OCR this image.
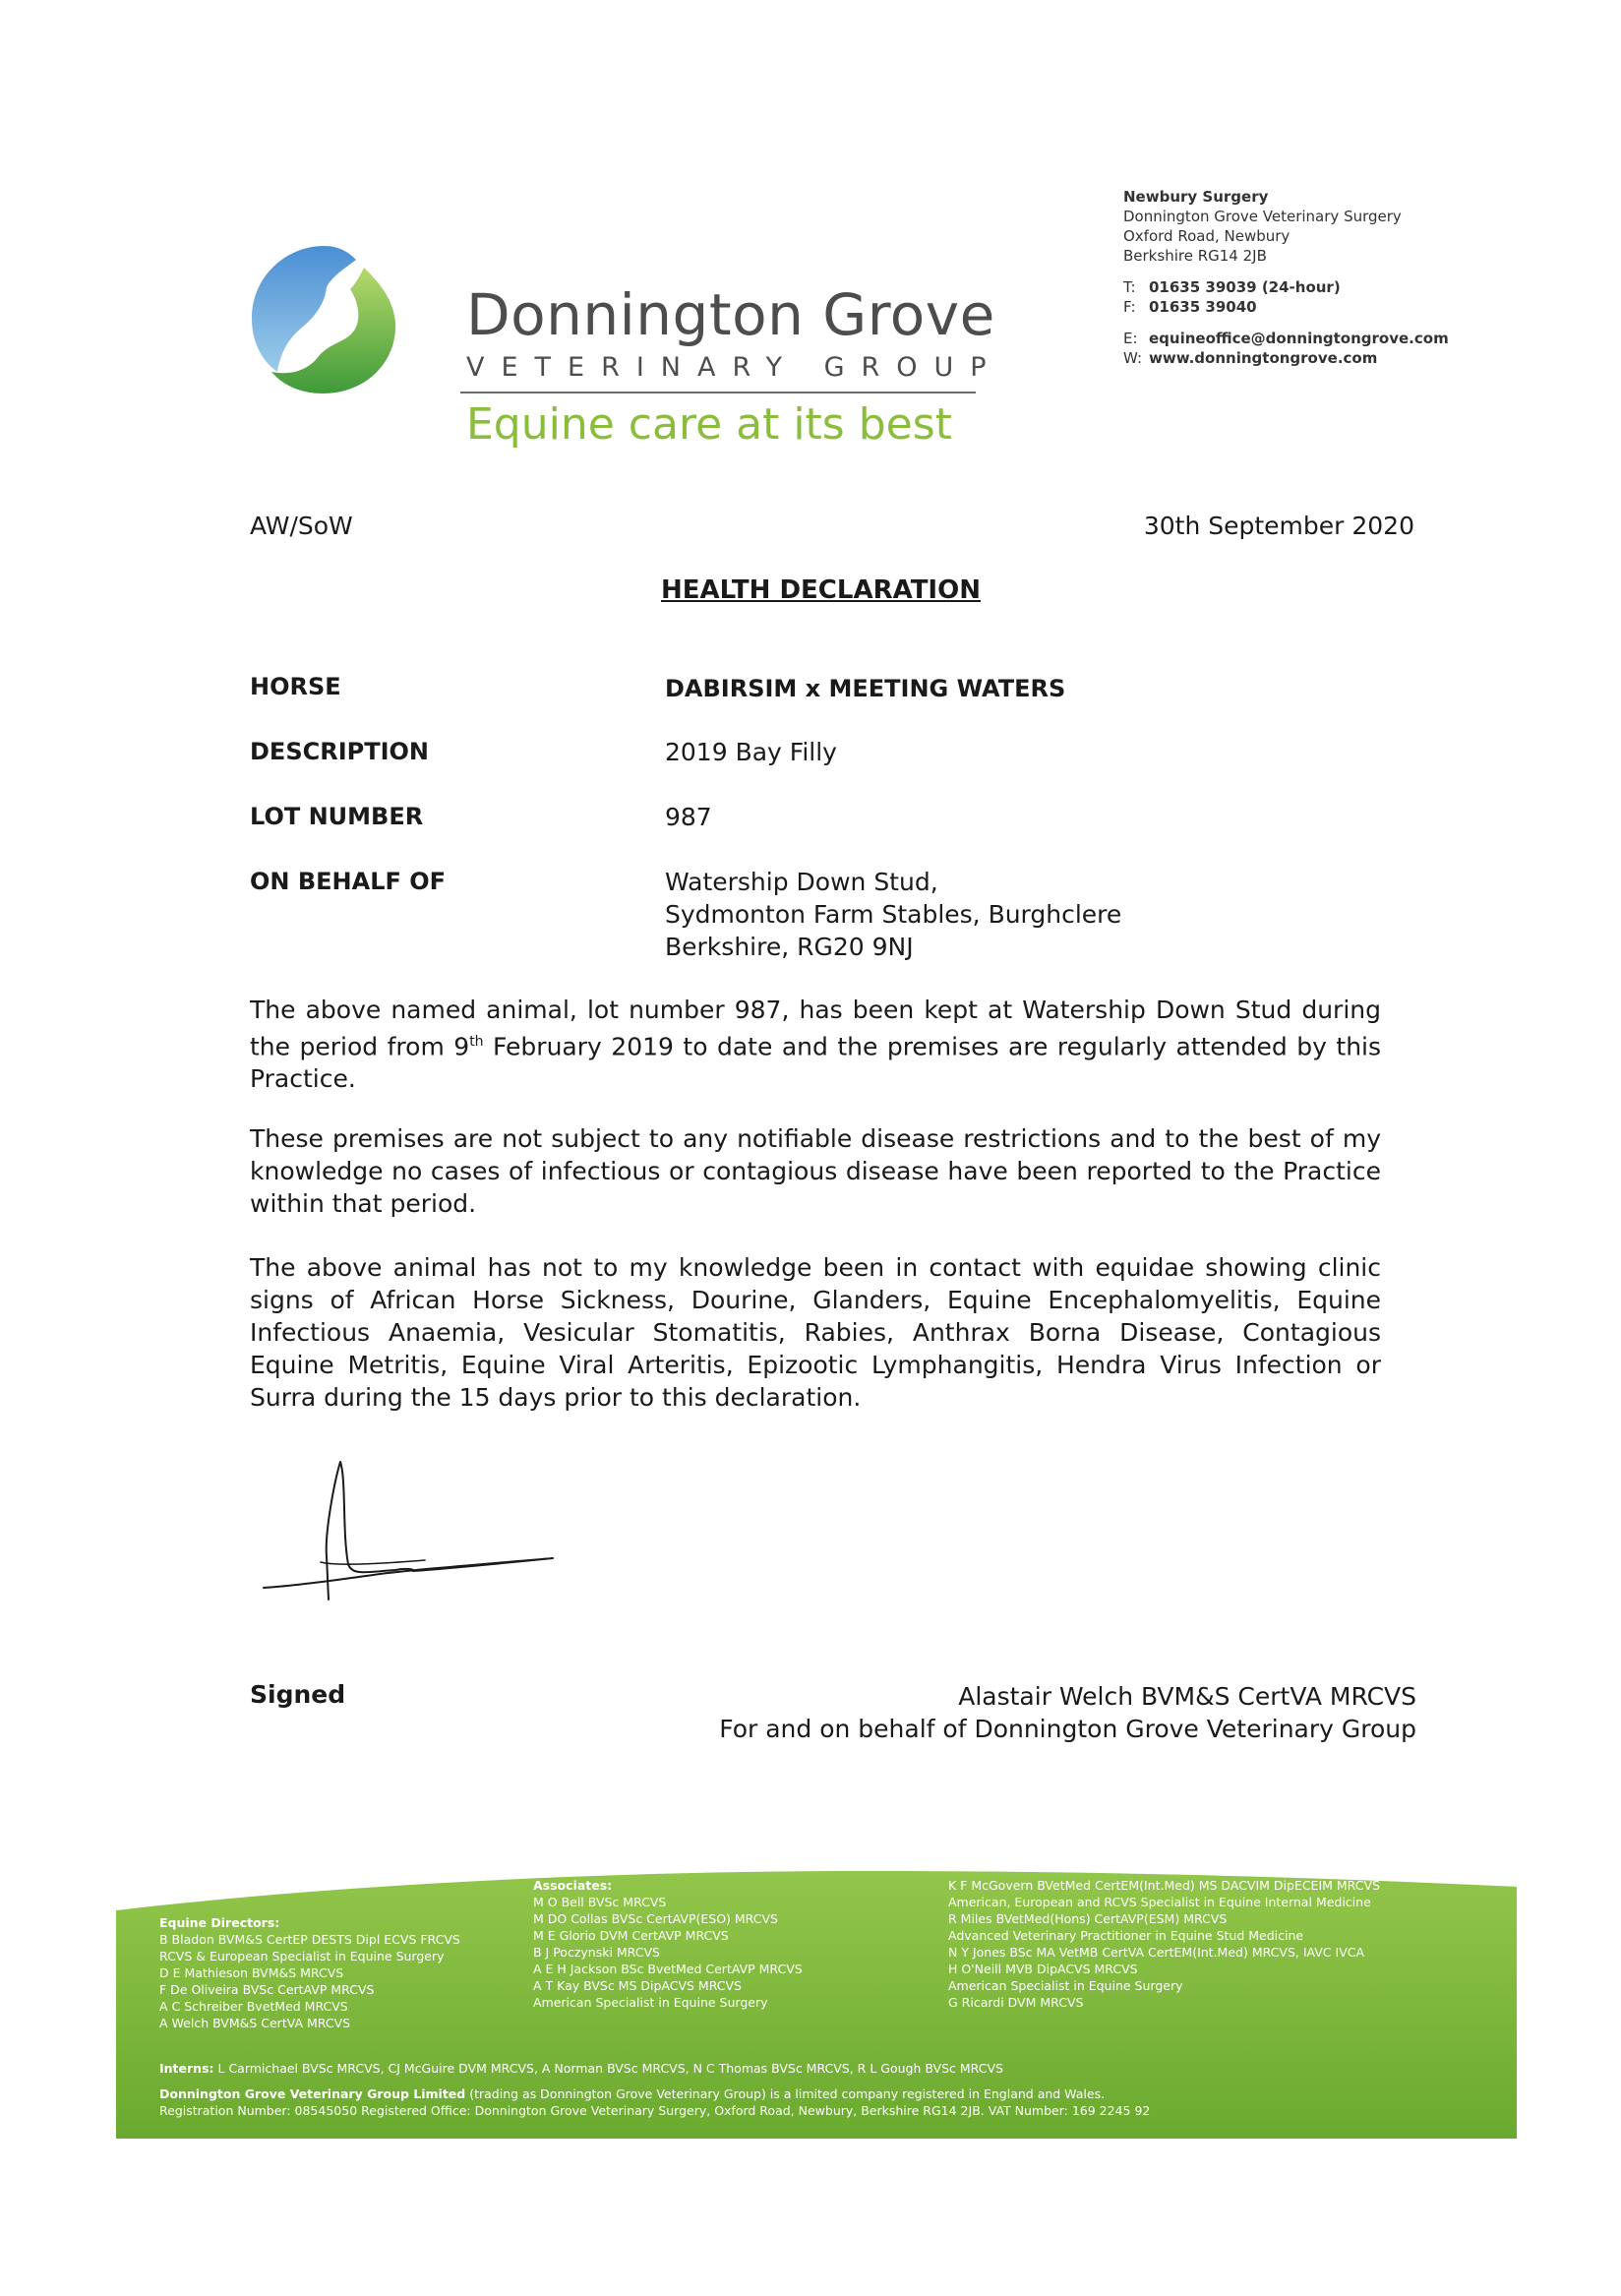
Donnington Grove
VETERINARY GROUP
Equine care at its best
Newbury Surgery
Donnington Grove Veterinary Surgery
Oxford Road, Newbury
Berkshire RG14 2JB
T: 01635 39039 (24-hour)
F: 01635 39040
E: equineoffice@donningtongrove.com
W: www.donningtongrove.com
AW/SoW	30th September 2020
HEALTH DECLARATION
HORSE	DABIRSIM x MEETING WATERS
DESCRIPTION	2019 Bay Filly
LOT NUMBER	987
ON BEHALF OF	Watership Down Stud,
Sydmonton Farm Stables, Burghclere
Berkshire, RG20 9NJ
The above named animal, lot number 987, has been kept at Watership Down Stud during the period from 9th February 2019 to date and the premises are regularly attended by this Practice.
These premises are not subject to any notifiable disease restrictions and to the best of my knowledge no cases of infectious or contagious disease have been reported to the Practice within that period.
The above animal has not to my knowledge been in contact with equidae showing clinic signs of African Horse Sickness, Dourine, Glanders, Equine Encephalomyelitis, Equine Infectious Anaemia, Vesicular Stomatitis, Rabies, Anthrax Borna Disease, Contagious Equine Metritis, Equine Viral Arteritis, Epizootic Lymphangitis, Hendra Virus Infection or Surra during the 15 days prior to this declaration.
Signed	Alastair Welch BVM&S CertVA MRCVS
For and on behalf of Donnington Grove Veterinary Group
Equine Directors:
B Bladon BVM&S CertEP DESTS Dipl ECVS FRCVS
RCVS & European Specialist in Equine Surgery
D E Mathieson BVM&S MRCVS
F De Oliveira BVSc CertAVP MRCVS
A C Schreiber BvetMed MRCVS
A Welch BVM&S CertVA MRCVS
Associates:
M O Bell BVSc MRCVS
M DO Collas BVSc CertAVP(ESO) MRCVS
M E Glorio DVM CertAVP MRCVS
B J Poczynski MRCVS
A E H Jackson BSc BvetMed CertAVP MRCVS
A T Kay BVSc MS DipACVS MRCVS
American Specialist in Equine Surgery
K F McGovern BVetMed CertEM(Int.Med) MS DACVIM DipECEIM MRCVS
American, European and RCVS Specialist in Equine Internal Medicine
R Miles BVetMed(Hons) CertAVP(ESM) MRCVS
Advanced Veterinary Practitioner in Equine Stud Medicine
N Y Jones BSc MA VetMB CertVA CertEM(Int.Med) MRCVS, IAVC IVCA
H O'Neill MVB DipACVS MRCVS
American Specialist in Equine Surgery
G Ricardi DVM MRCVS
Interns: L Carmichael BVSc MRCVS, CJ McGuire DVM MRCVS, A Norman BVSc MRCVS, N C Thomas BVSc MRCVS, R L Gough BVSc MRCVS
Donnington Grove Veterinary Group Limited (trading as Donnington Grove Veterinary Group) is a limited company registered in England and Wales.
Registration Number: 08545050 Registered Office: Donnington Grove Veterinary Surgery, Oxford Road, Newbury, Berkshire RG14 2JB. VAT Number: 169 2245 92
